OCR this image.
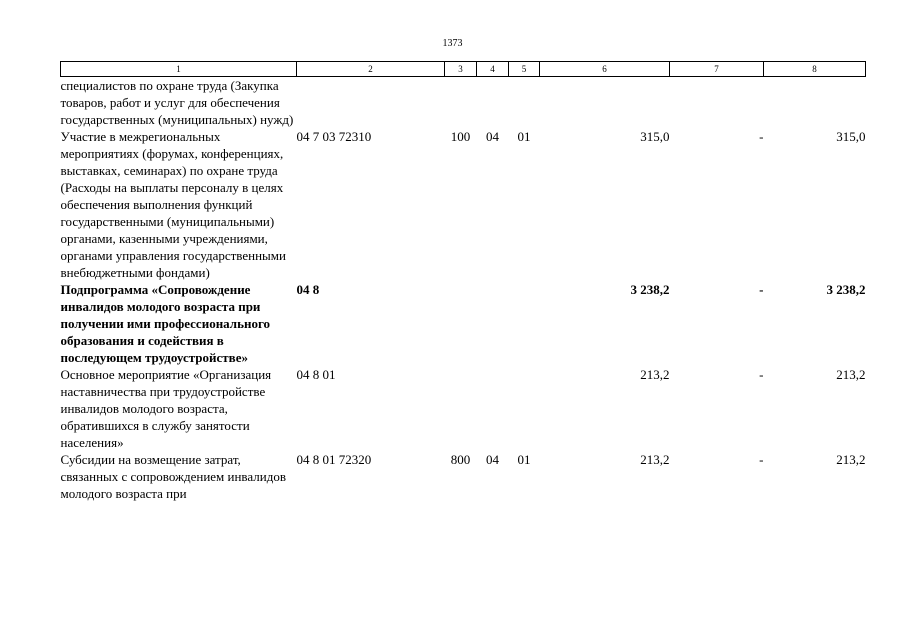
1373
1	2	3	4	5	6	7	8
специалистов по охране труда (Закупка товаров, работ и услуг для обеспечения государственных (муниципальных) нужд)							
Участие в межрегиональных мероприятиях (форумах, конференциях, выставках, семинарах) по охране труда (Расходы на выплаты персоналу в целях обеспечения выполнения функций государственными (муниципальными) органами, казенными учреждениями, органами управления государственными внебюджетными фондами)	04 7 03 72310	100	04	01	315,0	-	315,0
Подпрограмма «Сопровождение инвалидов молодого возраста при получении ими профессионального образования и содействия в последующем трудоустройстве»	04 8				3 238,2	-	3 238,2
Основное мероприятие «Организация наставничества при трудоустройстве инвалидов молодого возраста, обратившихся в службу занятости населения»	04 8 01				213,2	-	213,2
Субсидии на возмещение затрат, связанных с сопровождением инвалидов молодого возраста при	04 8 01 72320	800	04	01	213,2	-	213,2
